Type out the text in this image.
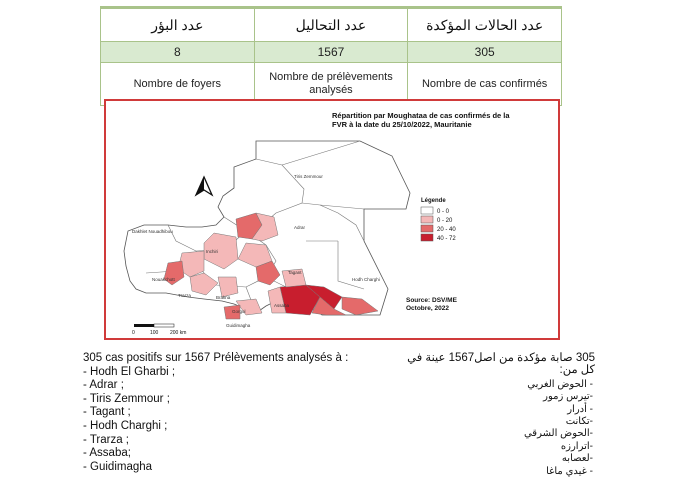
عدد البؤر	عدد التحاليل	عدد الحالات المؤكدة
8	1567	305
Nombre de foyers	Nombre de prélèvements analysés	Nombre de cas confirmés
Répartition par Moughataa de cas confirmés de la
FVR à la date du 25/10/2022, Mauritanie
Tiris Zemmour
Adrar
Inchiri
Dakhlet Nouadhibou
Tagant
Hodh Charghi
Brakna
Trarza
Gorgol
Assaba
Guidimagha
Nouakchott
Légende
0 - 0
0 - 20
20 - 40
40 - 72
Source: DSV/ME
Octobre, 2022
0	100 200 km
305 cas positifs sur 1567 Prélèvements analysés à :
- Hodh El Gharbi ;
- Adrar ;
- Tiris Zemmour ;
- Tagant ;
- Hodh Charghi ;
- Trarza ;
- Assaba;
- Guidimagha
305 صابة مؤكدة من اصل1567 عينة في كل من:
- الحوض الغربي
-تيرس زمور
- أدرار
-تكانت
-الحوض الشرقي
-اترارزه
-لعصابه
- غيدي ماغا
